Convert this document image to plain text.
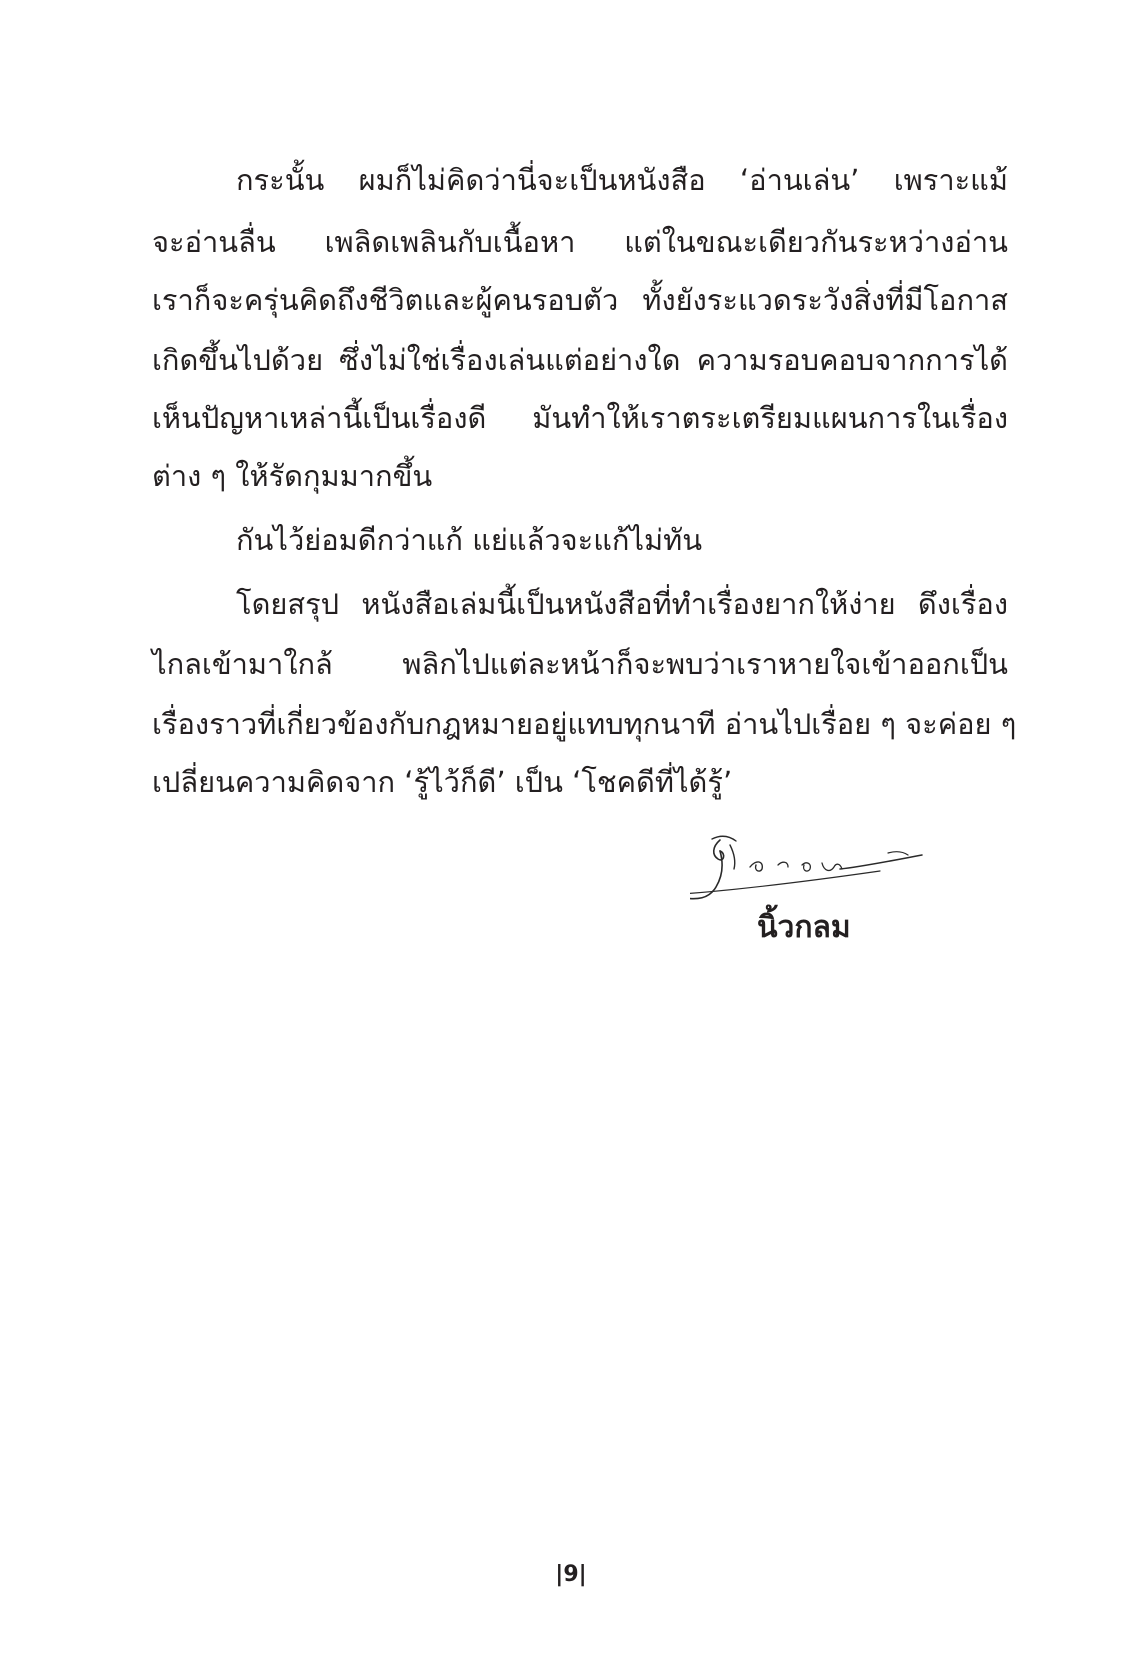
กระนั้น ผมก็ไม่คิดว่านี่จะเป็นหนังสือ ‘อ่านเล่น’ เพราะแม้
จะอ่านลื่น เพลิดเพลินกับเนื้อหา แต่ในขณะเดียวกันระหว่างอ่าน
เราก็จะครุ่นคิดถึงชีวิตและผู้คนรอบตัว ทั้งยังระแวดระวังสิ่งที่มีโอกาส
เกิดขึ้นไปด้วย ซึ่งไม่ใช่เรื่องเล่นแต่อย่างใด ความรอบคอบจากการได้
เห็นปัญหาเหล่านี้เป็นเรื่องดี มันทำให้เราตระเตรียมแผนการในเรื่อง
ต่าง ๆ ให้รัดกุมมากขึ้น
กันไว้ย่อมดีกว่าแก้ แย่แล้วจะแก้ไม่ทัน
โดยสรุป หนังสือเล่มนี้เป็นหนังสือที่ทำเรื่องยากให้ง่าย ดึงเรื่อง
ไกลเข้ามาใกล้ พลิกไปแต่ละหน้าก็จะพบว่าเราหายใจเข้าออกเป็น
เรื่องราวที่เกี่ยวข้องกับกฎหมายอยู่แทบทุกนาที อ่านไปเรื่อย ๆ จะค่อย ๆ
เปลี่ยนความคิดจาก ‘รู้ไว้ก็ดี’ เป็น ‘โชคดีที่ได้รู้’
นิ้วกลม
|9|
